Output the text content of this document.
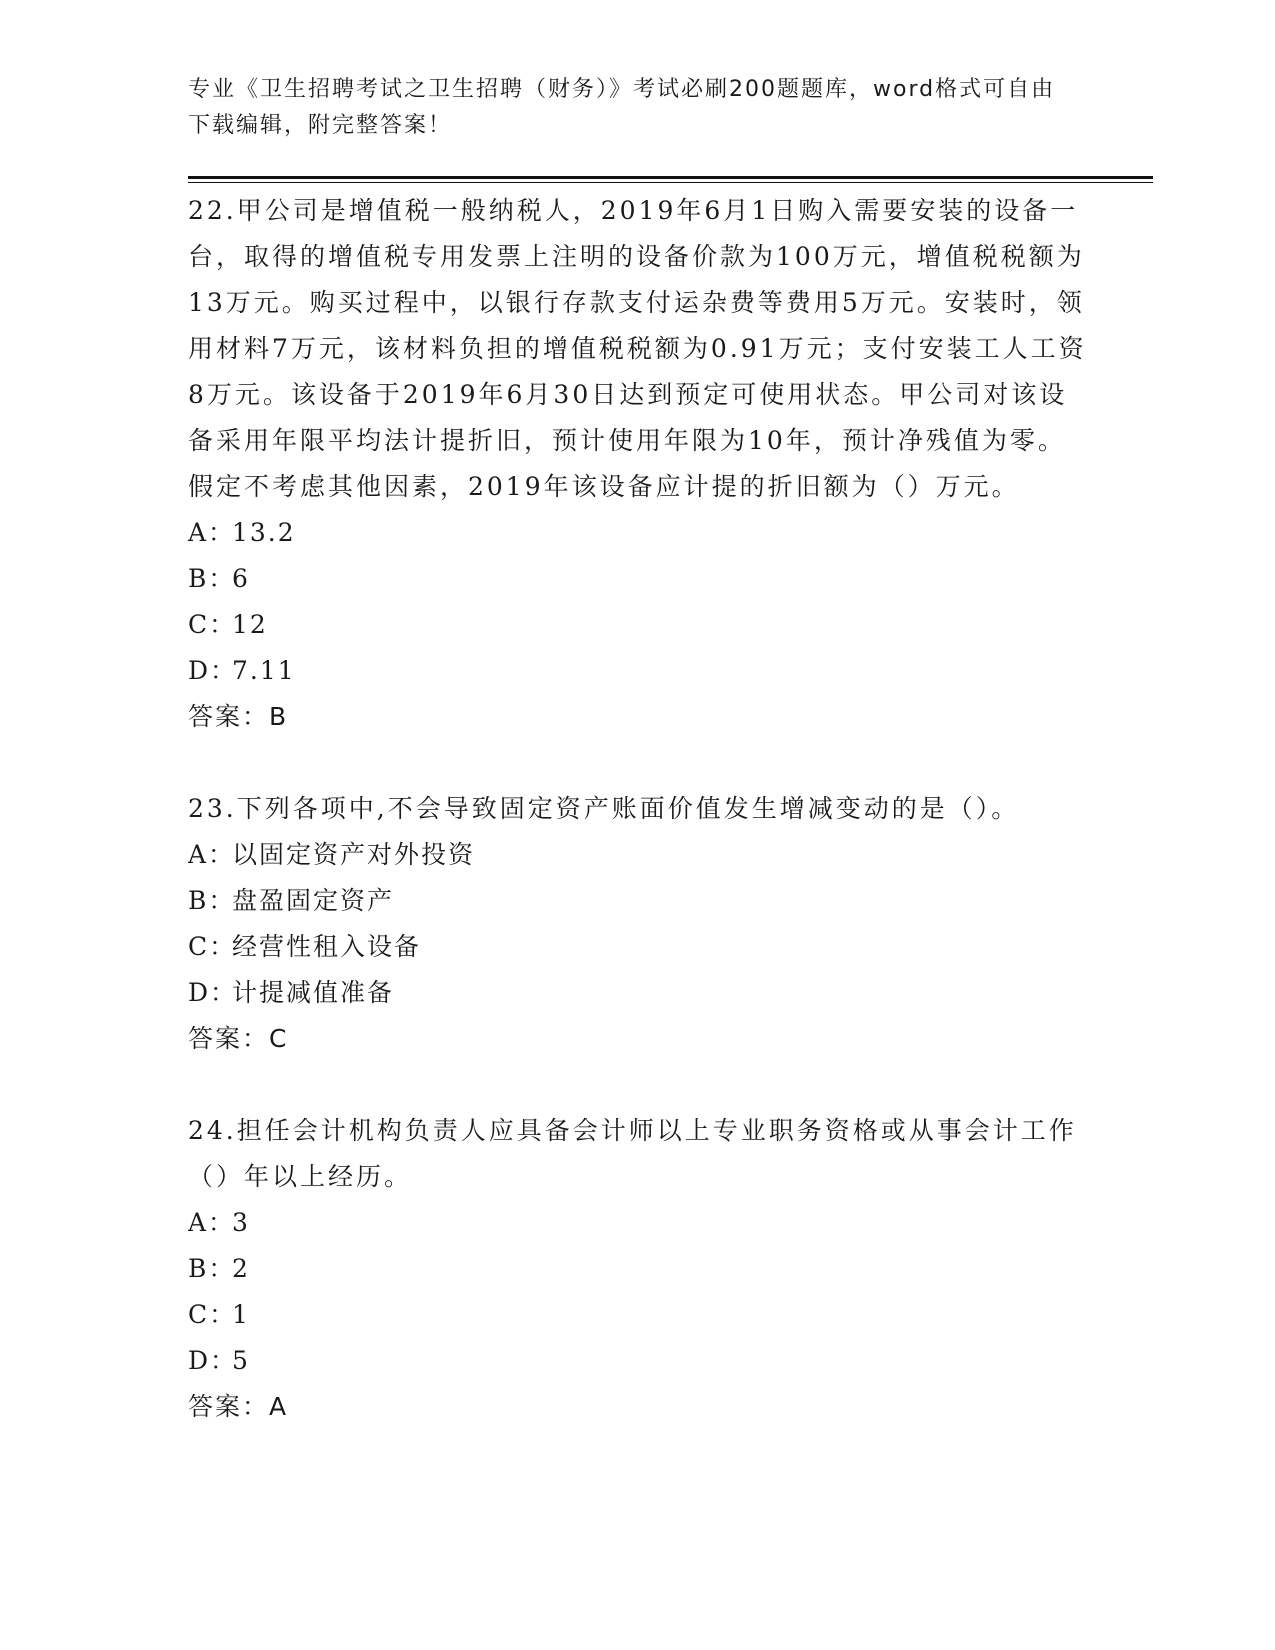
专业《卫生招聘考试之卫生招聘（财务）》考试必刷200题题库，word格式可自由下载编辑，附完整答案！

22.甲公司是增值税一般纳税人，2019年6月1日购入需要安装的设备一台，取得的增值税专用发票上注明的设备价款为100万元，增值税税额为13万元。购买过程中，以银行存款支付运杂费等费用5万元。安装时，领用材料7万元，该材料负担的增值税税额为0.91万元；支付安装工人工资8万元。该设备于2019年6月30日达到预定可使用状态。甲公司对该设备采用年限平均法计提折旧，预计使用年限为10年，预计净残值为零。假定不考虑其他因素，2019年该设备应计提的折旧额为（）万元。

A：13.2

B：6

C：12

D：7.11

答案：B

23.下列各项中,不会导致固定资产账面价值发生增减变动的是（）。

A：以固定资产对外投资

B：盘盈固定资产

C：经营性租入设备

D：计提减值准备

答案：C

24.担任会计机构负责人应具备会计师以上专业职务资格或从事会计工作（）年以上经历。

A：3

B：2

C：1

D：5

答案：A
